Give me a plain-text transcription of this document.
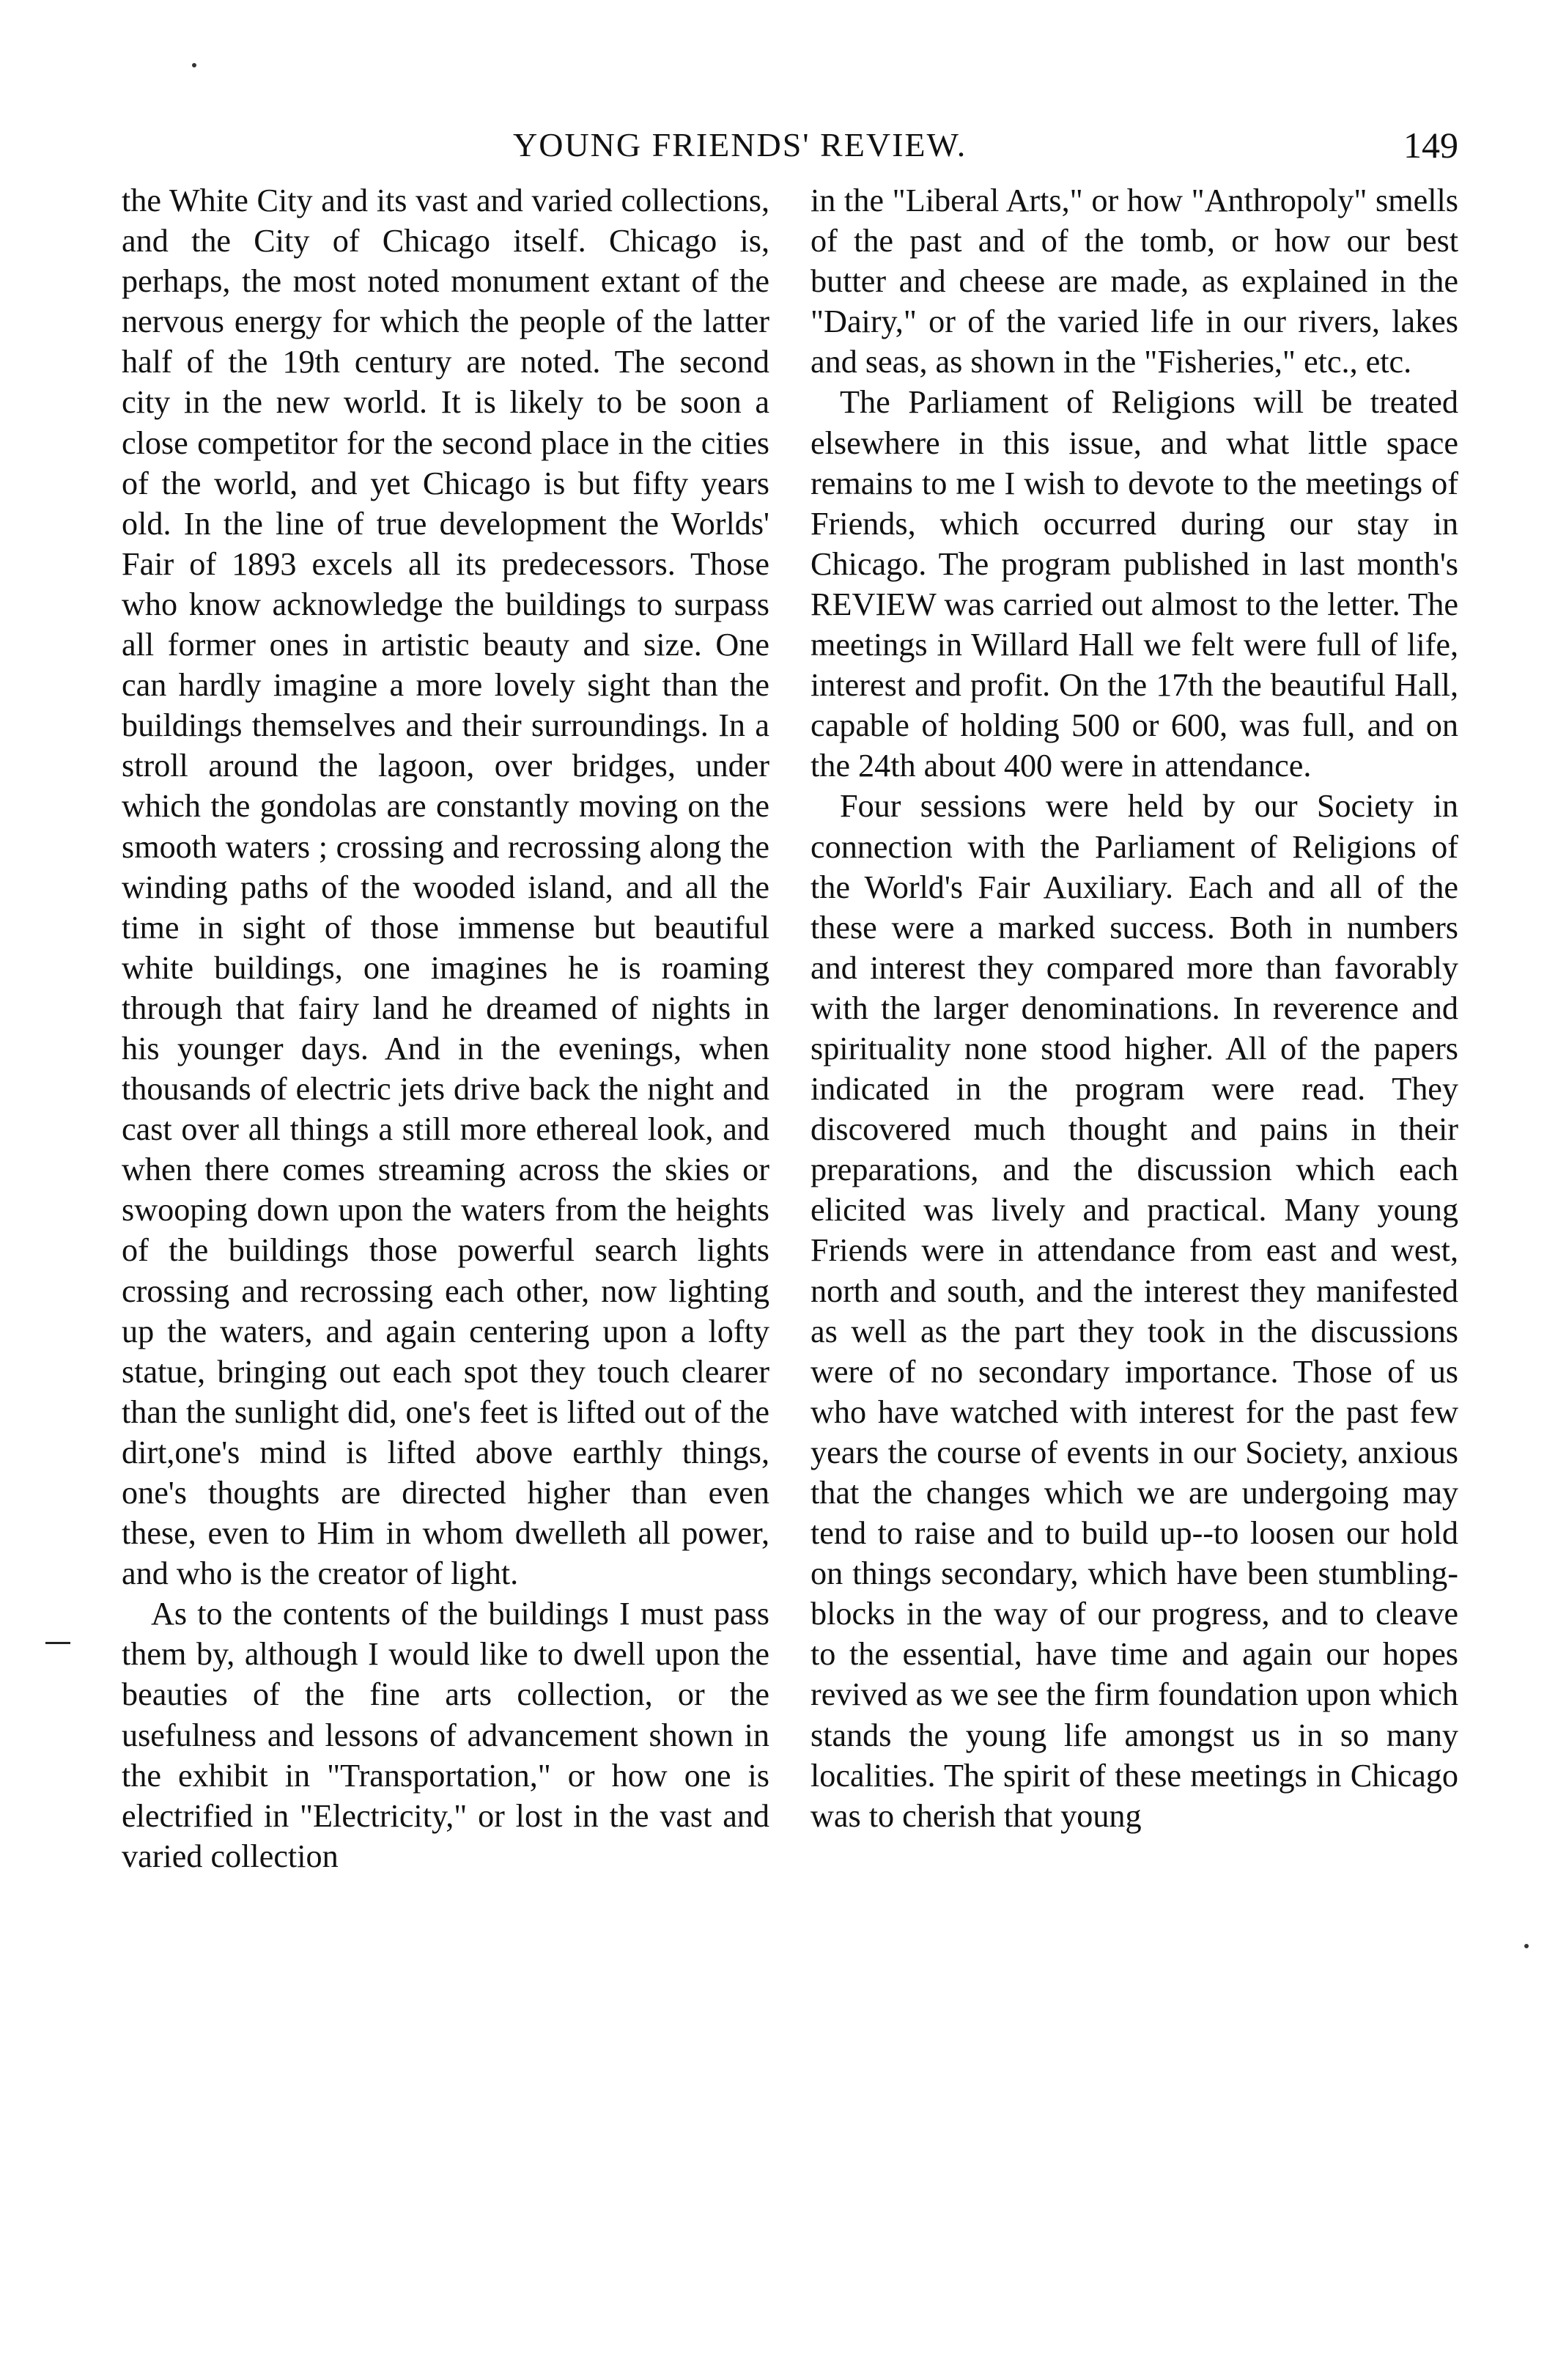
YOUNG FRIENDS' REVIEW.	149

the White City and its vast and varied collections, and the City of Chicago itself. Chicago is, perhaps, the most noted monument extant of the nervous energy for which the people of the latter half of the 19th century are noted. The second city in the new world. It is likely to be soon a close competitor for the second place in the cities of the world, and yet Chicago is but fifty years old. In the line of true development the Worlds' Fair of 1893 excels all its predecessors. Those who know acknowledge the buildings to surpass all former ones in artistic beauty and size. One can hardly imagine a more lovely sight than the buildings themselves and their surroundings. In a stroll around the lagoon, over bridges, under which the gondolas are constantly moving on the smooth waters ; crossing and recrossing along the winding paths of the wooded island, and all the time in sight of those immense but beautiful white buildings, one imagines he is roaming through that fairy land he dreamed of nights in his younger days. And in the evenings, when thousands of electric jets drive back the night and cast over all things a still more ethereal look, and when there comes streaming across the skies or swooping down upon the waters from the heights of the buildings those powerful search lights crossing and recrossing each other, now lighting up the waters, and again centering upon a lofty statue, bringing out each spot they touch clearer than the sunlight did, one's feet is lifted out of the dirt,one's mind is lifted above earthly things, one's thoughts are directed higher than even these, even to Him in whom dwelleth all power, and who is the creator of light.

As to the contents of the buildings I must pass them by, although I would like to dwell upon the beauties of the fine arts collection, or the usefulness and lessons of advancement shown in the exhibit in "Transportation," or how one is electrified in "Electricity," or lost in the vast and varied collection

in the "Liberal Arts," or how "Anthropoly" smells of the past and of the tomb, or how our best butter and cheese are made, as explained in the "Dairy," or of the varied life in our rivers, lakes and seas, as shown in the "Fisheries," etc., etc.

The Parliament of Religions will be treated elsewhere in this issue, and what little space remains to me I wish to devote to the meetings of Friends, which occurred during our stay in Chicago. The program published in last month's REVIEW was carried out almost to the letter. The meetings in Willard Hall we felt were full of life, interest and profit. On the 17th the beautiful Hall, capable of holding 500 or 600, was full, and on the 24th about 400 were in attendance.

Four sessions were held by our Society in connection with the Parliament of Religions of the World's Fair Auxiliary. Each and all of the these were a marked success. Both in numbers and interest they compared more than favorably with the larger denominations. In reverence and spirituality none stood higher. All of the papers indicated in the program were read. They discovered much thought and pains in their preparations, and the discussion which each elicited was lively and practical. Many young Friends were in attendance from east and west, north and south, and the interest they manifested as well as the part they took in the discussions were of no secondary importance. Those of us who have watched with interest for the past few years the course of events in our Society, anxious that the changes which we are undergoing may tend to raise and to build up--to loosen our hold on things secondary, which have been stumbling-blocks in the way of our progress, and to cleave to the essential, have time and again our hopes revived as we see the firm foundation upon which stands the young life amongst us in so many localities. The spirit of these meetings in Chicago was to cherish that young
